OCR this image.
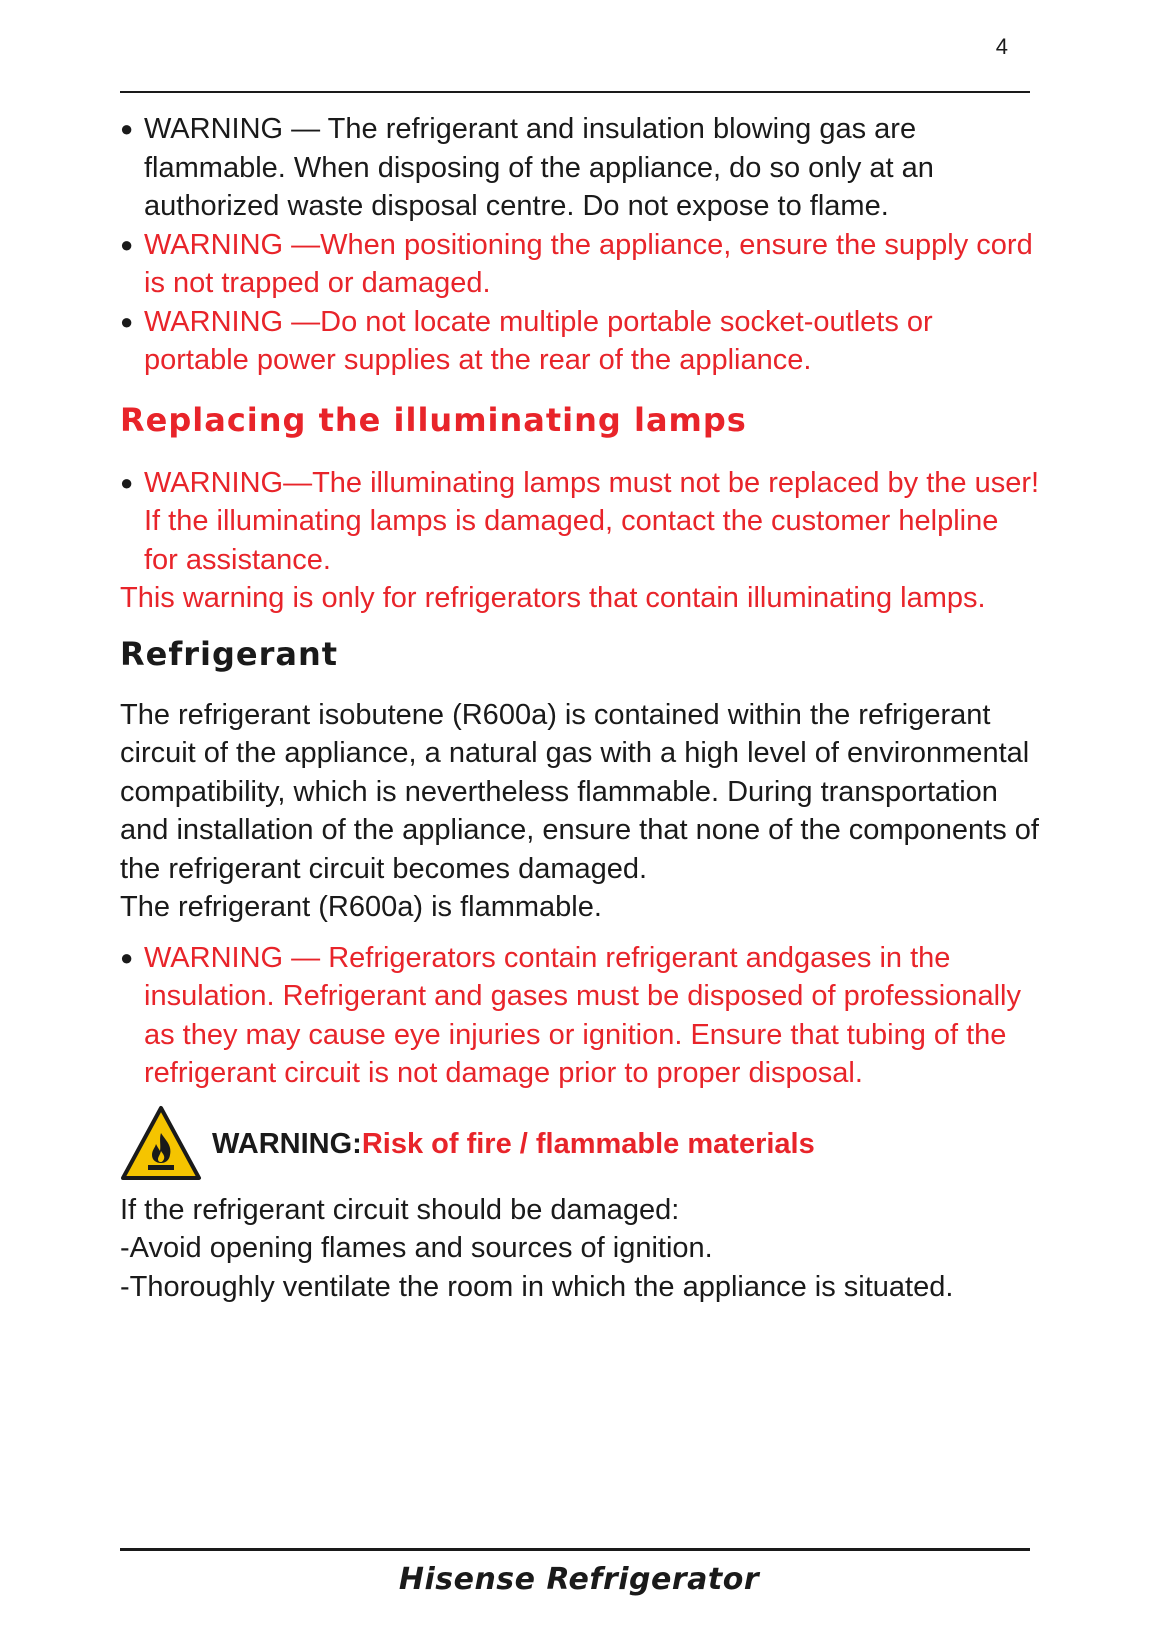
4
● WARNING — The refrigerant and insulation blowing gas are flammable. When disposing of the appliance, do so only at an authorized waste disposal centre. Do not expose to flame.
● WARNING —When positioning the appliance, ensure the supply cord is not trapped or damaged.
● WARNING —Do not locate multiple portable socket-outlets or portable power supplies at the rear of the appliance.
Replacing the illuminating lamps
● WARNING—The illuminating lamps must not be replaced by the user! If the illuminating lamps is damaged, contact the customer helpline for assistance.

This warning is only for refrigerators that contain illuminating lamps.

Refrigerant

The refrigerant isobutene (R600a) is contained within the refrigerant circuit of the appliance, a natural gas with a high level of environmental compatibility, which is nevertheless flammable. During transportation and installation of the appliance, ensure that none of the components of the refrigerant circuit becomes damaged.

The refrigerant (R600a) is flammable.

● WARNING — Refrigerators contain refrigerant andgases in the insulation. Refrigerant and gases must be disposed of professionally as they may cause eye injuries or ignition. Ensure that tubing of the refrigerant circuit is not damage prior to proper disposal.
WARNING:Risk of fire / flammable materials

If the refrigerant circuit should be damaged:

-Avoid opening flames and sources of ignition.

-Thoroughly ventilate the room in which the appliance is situated.

Hisense Refrigerator
